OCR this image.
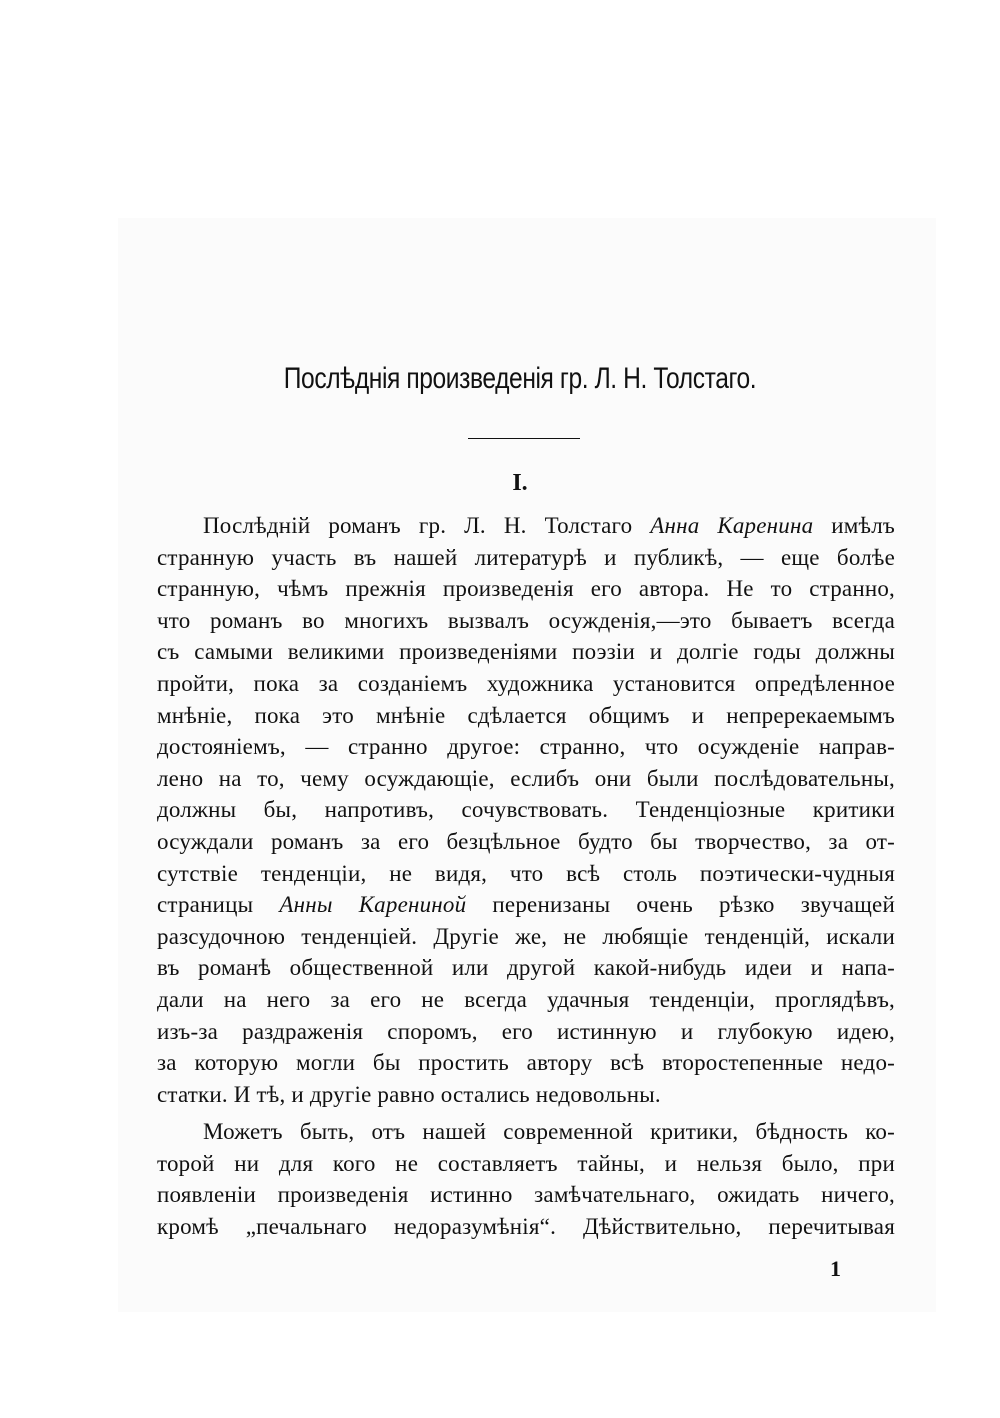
Послѣднія произведенія гр. Л. Н. Толстаго.
I.
Послѣдній романъ гр. Л. Н. Толстаго Анна Каренина имѣлъ
странную участь въ нашей литературѣ и публикѣ, — еще болѣе
странную, чѣмъ прежнія произведенія его автора. Не то странно,
что романъ во многихъ вызвалъ осужденія,—это бываетъ всегда
съ самыми великими произведеніями поэзіи и долгіе годы должны
пройти, пока за созданіемъ художника установится опредѣленное
мнѣніе, пока это мнѣніе сдѣлается общимъ и непререкаемымъ
достояніемъ, — странно другое: странно, что осужденіе направ-
лено на то, чему осуждающіе, еслибъ они были послѣдовательны,
должны бы, напротивъ, сочувствовать. Тенденціозные критики
осуждали романъ за его безцѣльное будто бы творчество, за от-
сутствіе тенденціи, не видя, что всѣ столь поэтически-чудныя
страницы Анны Карениной перенизаны очень рѣзко звучащей
разсудочною тенденціей. Другіе же, не любящіе тенденцій, искали
въ романѣ общественной или другой какой-нибудь идеи и напа-
дали на него за его не всегда удачныя тенденціи, проглядѣвъ,
изъ-за раздраженія споромъ, его истинную и глубокую идею,
за которую могли бы простить автору всѣ второстепенные недо-
статки. И тѣ, и другіе равно остались недовольны.
Можетъ быть, отъ нашей современной критики, бѣдность ко-
торой ни для кого не составляетъ тайны, и нельзя было, при
появленіи произведенія истинно замѣчательнаго, ожидать ничего,
кромѣ „печальнаго недоразумѣнія“. Дѣйствительно, перечитывая
1
